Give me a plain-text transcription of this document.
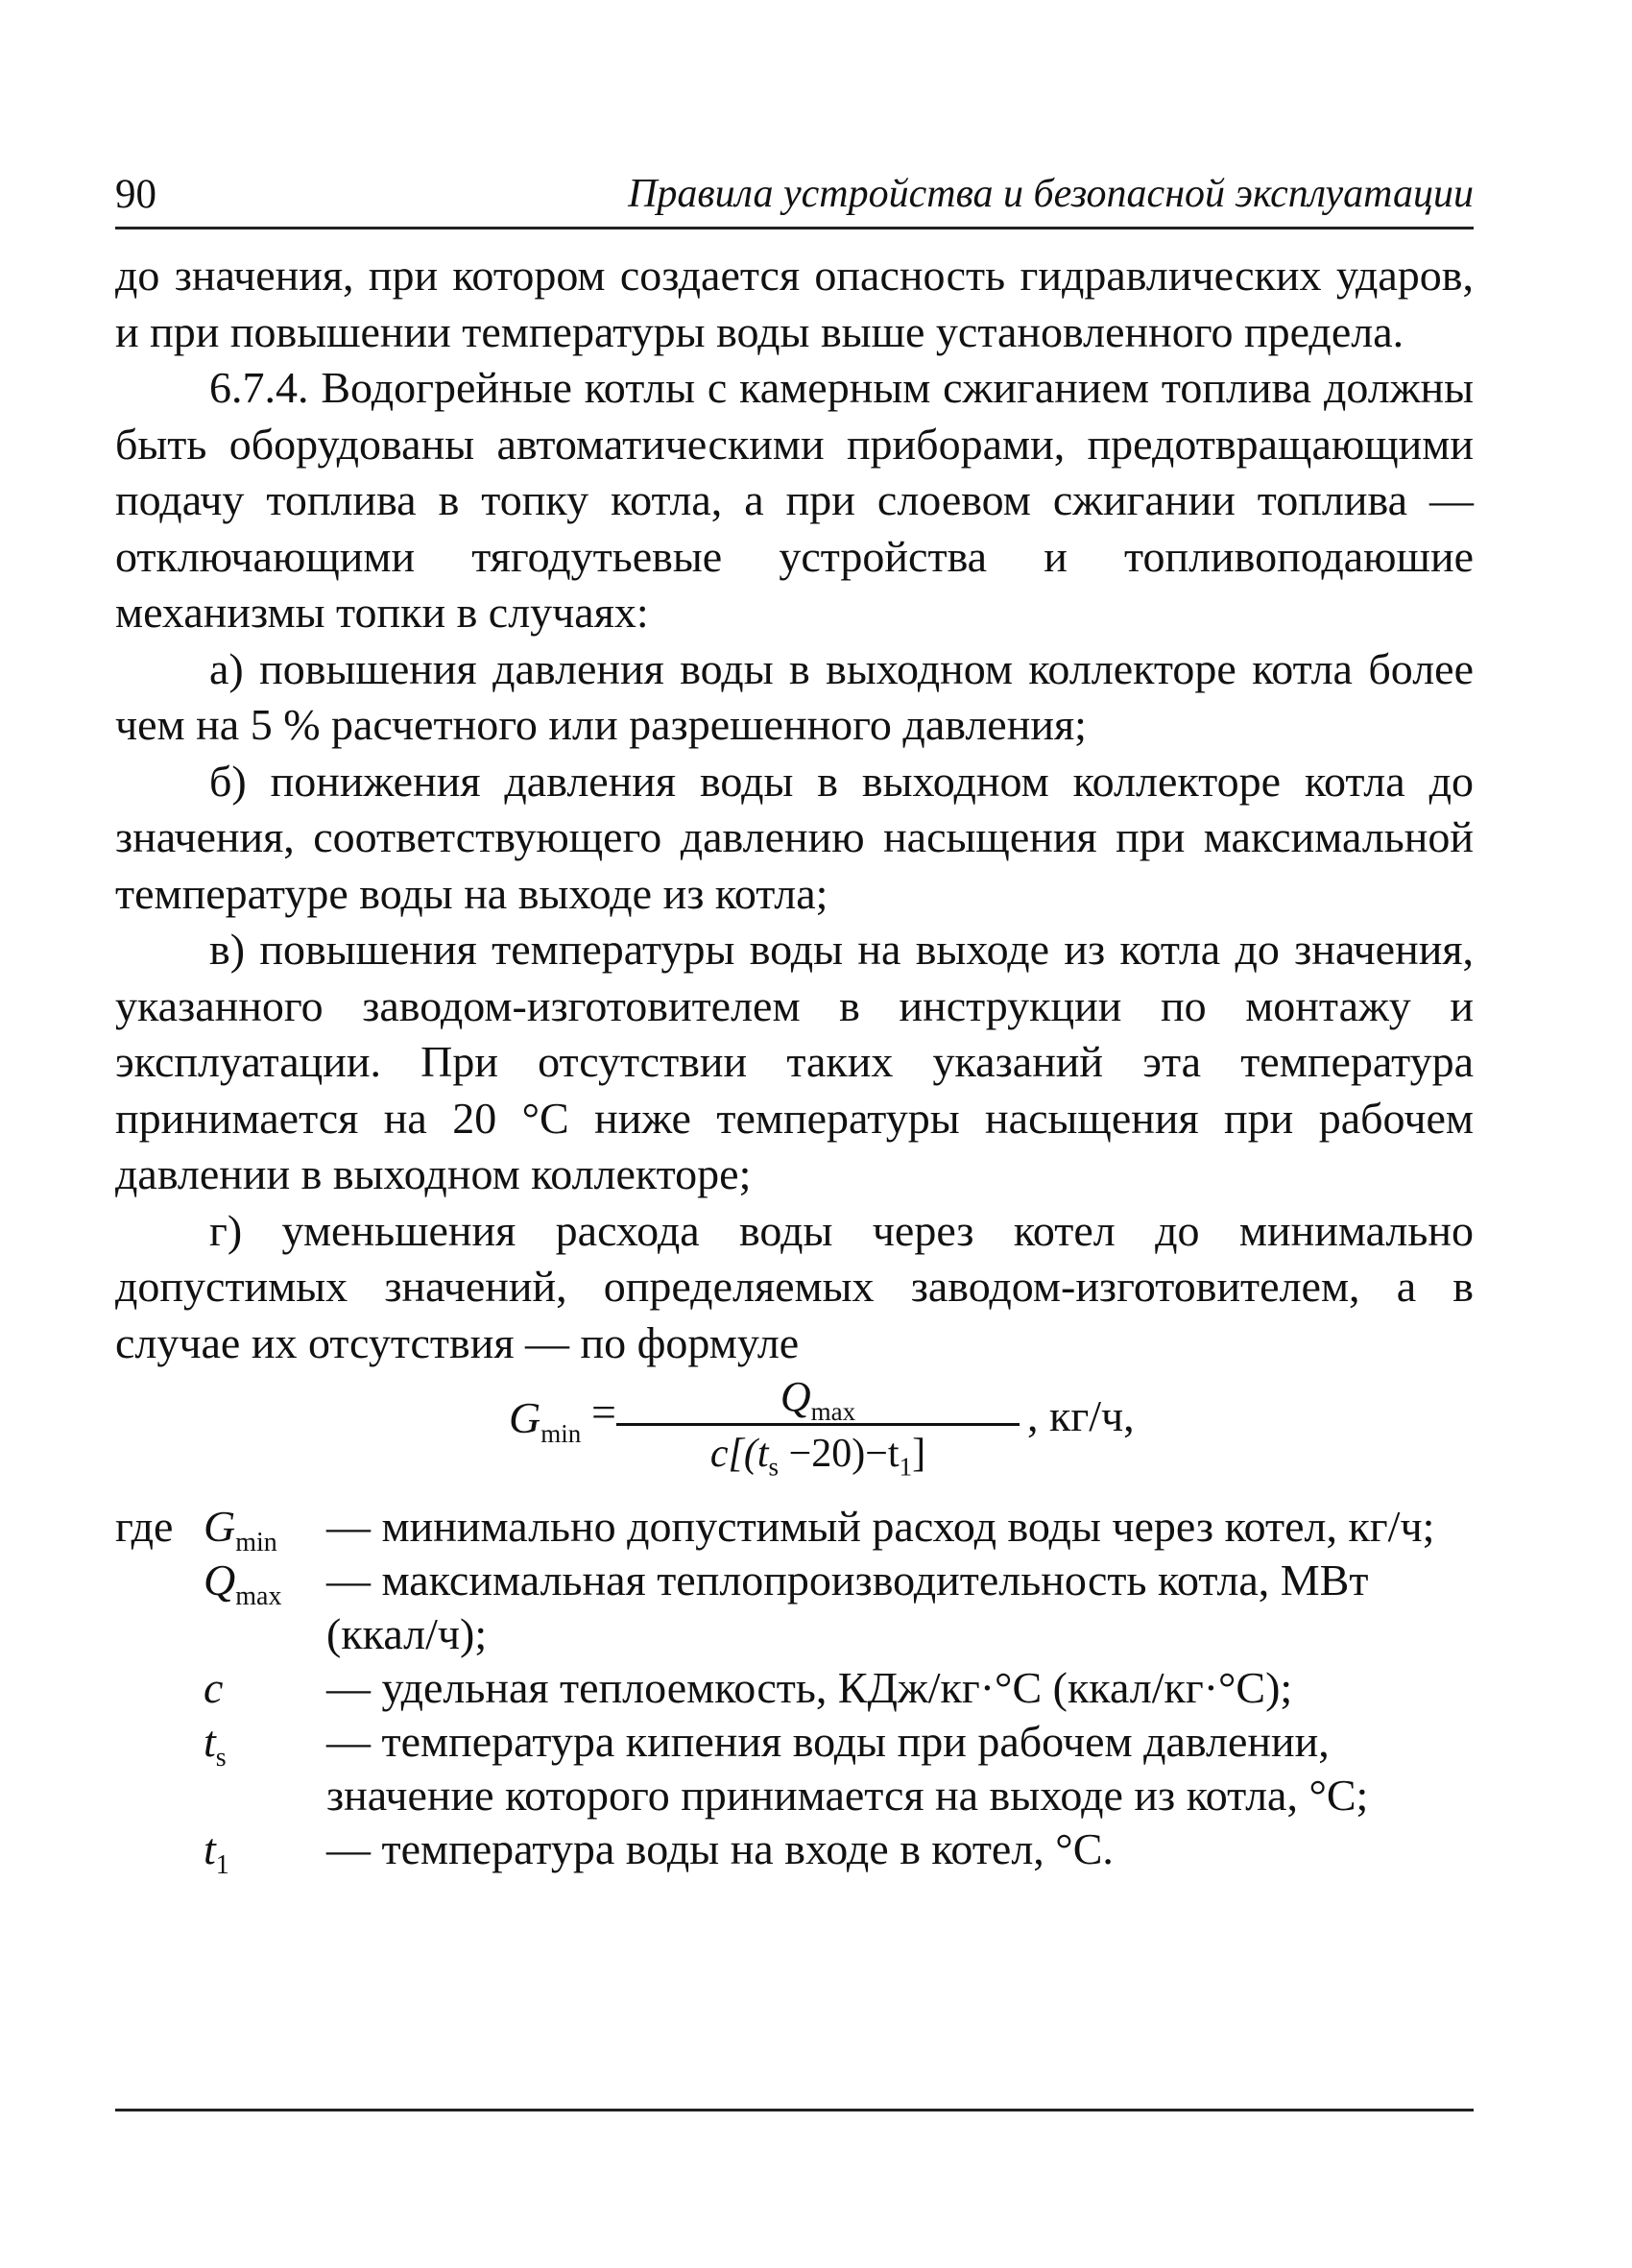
90	Правила устройства и безопасной эксплуатации

до значения, при котором создается опасность гидравлических ударов, и при повышении температуры воды выше установленного предела.

6.7.4. Водогрейные котлы с камерным сжиганием топлива должны быть оборудованы автоматическими приборами, предотвращающими подачу топлива в топку котла, а при слоевом сжигании топлива — отключающими тягодутьевые устройства и топливоподаюшие механизмы топки в случаях:

а) повышения давления воды в выходном коллекторе котла более чем на 5 % расчетного или разрешенного давления;

б) понижения давления воды в выходном коллекторе котла до значения, соответствующего давлению насыщения при максимальной температуре воды на выходе из котла;

в) повышения температуры воды на выходе из котла до значения, указанного заводом-изготовителем в инструкции по монтажу и эксплуатации. При отсутствии таких указаний эта температура принимается на 20 °С ниже температуры насыщения при рабочем давлении в выходном коллекторе;

г) уменьшения расхода воды через котел до минимально допустимых значений, определяемых заводом-изготовителем, а в случае их отсутствия — по формуле

$G_{min}$ =	$Q_{max}$
$c[(t_s -20)-t_1]$
, кг/ч,
где $G_{min}$ — минимально допустимый расход воды через котел, кг/ч;
$Q_{max}$ — максимальная теплопроизводительность котла, МВт (ккал/ч);
c — удельная теплоемкость, КДж/кг·°С (ккал/кг·°С);
$t_s$ — температура кипения воды при рабочем давлении, значение которого принимается на выходе из котла, °С;
$t_1$ — температура воды на входе в котел, °С.
